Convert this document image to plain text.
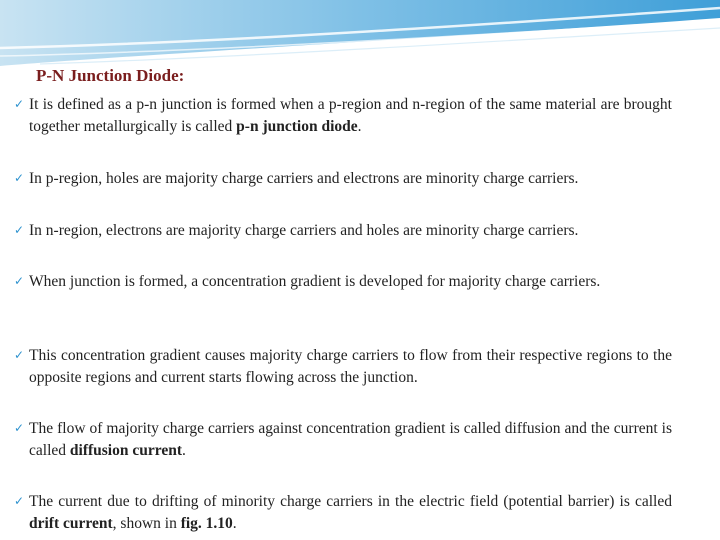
P-N Junction Diode:
✓ It is defined as a p-n junction is formed when a p-region and n-region of the same material are brought together metallurgically is called p-n junction diode.
✓ In p-region, holes are majority charge carriers and electrons are minority charge carriers.
✓ In n-region, electrons are majority charge carriers and holes are minority charge carriers.
✓ When junction is formed, a concentration gradient is developed for majority charge carriers.
✓ This concentration gradient causes majority charge carriers to flow from their respective regions to the opposite regions and current starts flowing across the junction.
✓ The flow of majority charge carriers against concentration gradient is called diffusion and the current is called diffusion current.
✓ The current due to drifting of minority charge carriers in the electric field (potential barrier) is called drift current, shown in fig. 1.10.
